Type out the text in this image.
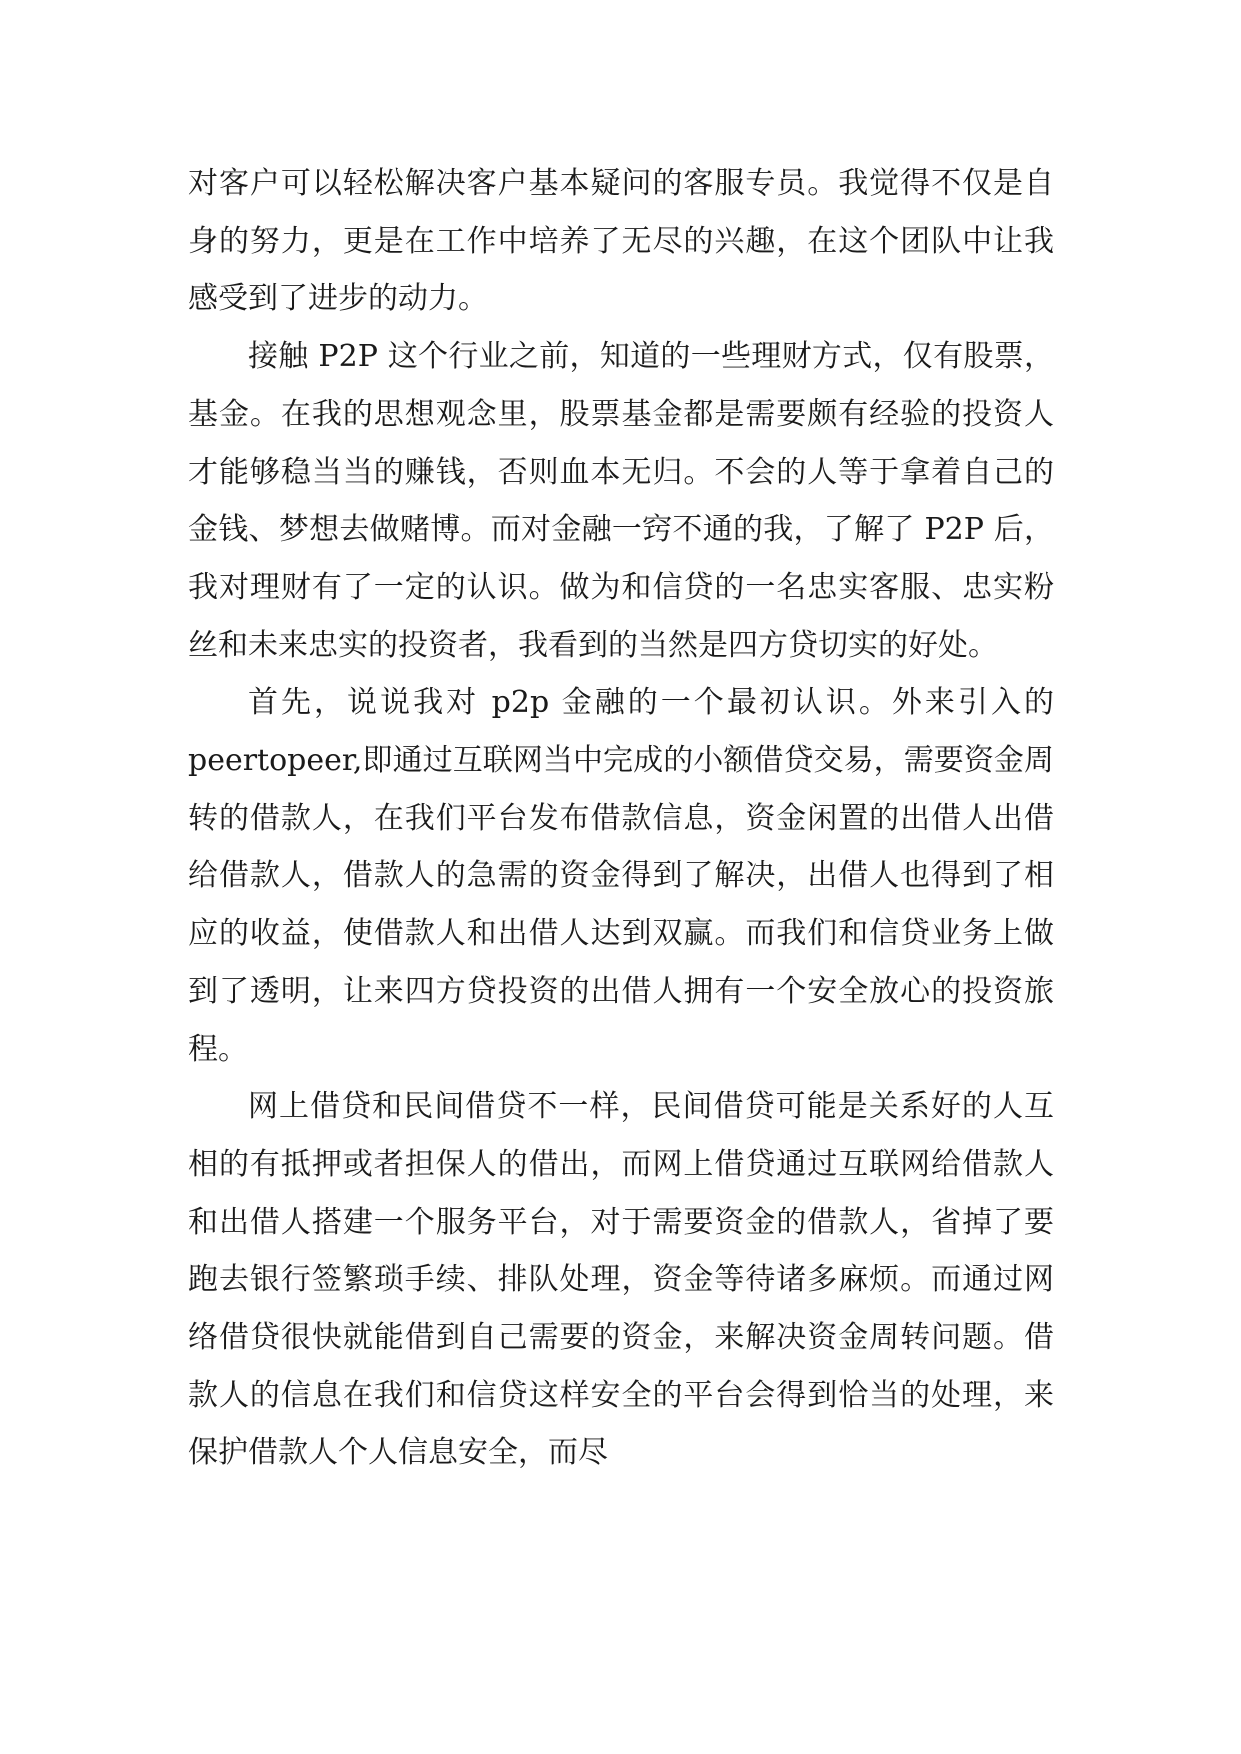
对客户可以轻松解决客户基本疑问的客服专员。我觉得不仅是自身的努力，更是在工作中培养了无尽的兴趣，在这个团队中让我感受到了进步的动力。

接触 P2P 这个行业之前，知道的一些理财方式，仅有股票，基金。在我的思想观念里，股票基金都是需要颇有经验的投资人才能够稳当当的赚钱，否则血本无归。不会的人等于拿着自己的金钱、梦想去做赌博。而对金融一窍不通的我，了解了 P2P 后，我对理财有了一定的认识。做为和信贷的一名忠实客服、忠实粉丝和未来忠实的投资者，我看到的当然是四方贷切实的好处。

首先，说说我对 p2p 金融的一个最初认识。外来引入的 peertopeer,即通过互联网当中完成的小额借贷交易，需要资金周转的借款人，在我们平台发布借款信息，资金闲置的出借人出借给借款人，借款人的急需的资金得到了解决，出借人也得到了相应的收益，使借款人和出借人达到双赢。而我们和信贷业务上做到了透明，让来四方贷投资的出借人拥有一个安全放心的投资旅程。

网上借贷和民间借贷不一样，民间借贷可能是关系好的人互相的有抵押或者担保人的借出，而网上借贷通过互联网给借款人和出借人搭建一个服务平台，对于需要资金的借款人，省掉了要跑去银行签繁琐手续、排队处理，资金等待诸多麻烦。而通过网络借贷很快就能借到自己需要的资金，来解决资金周转问题。借款人的信息在我们和信贷这样安全的平台会得到恰当的处理，来保护借款人个人信息安全，而尽
